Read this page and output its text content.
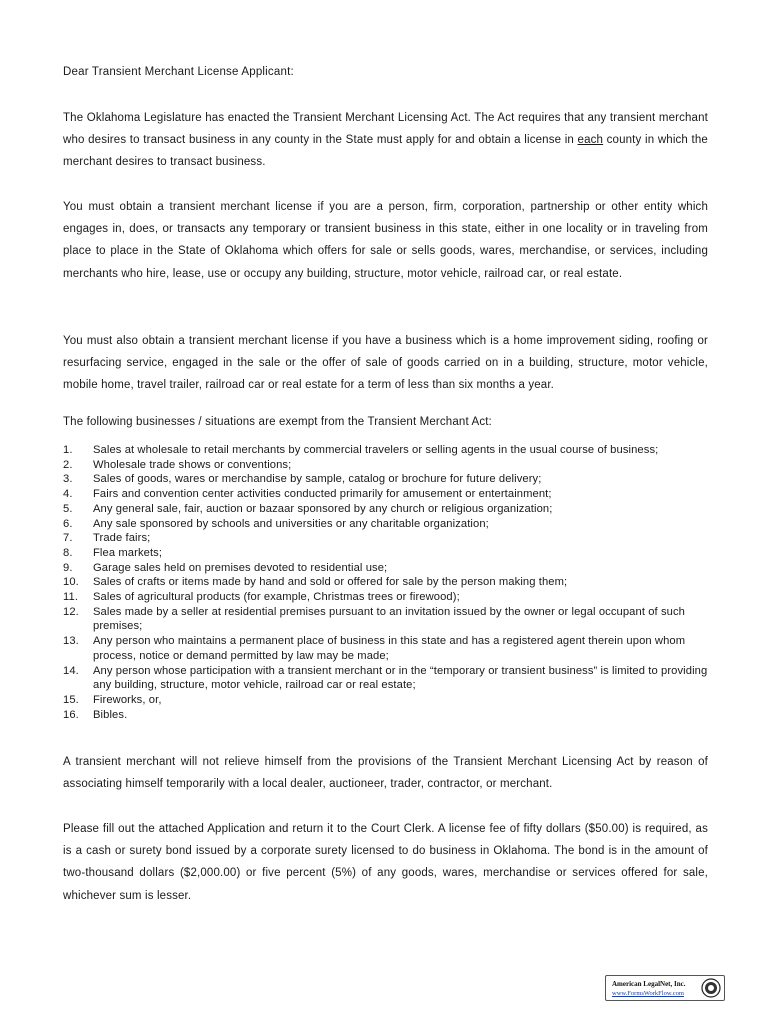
Dear Transient Merchant License Applicant:

The Oklahoma Legislature has enacted the Transient Merchant Licensing Act. The Act requires that any transient merchant who desires to transact business in any county in the State must apply for and obtain a license in each county in which the merchant desires to transact business.

You must obtain a transient merchant license if you are a person, firm, corporation, partnership or other entity which engages in, does, or transacts any temporary or transient business in this state, either in one locality or in traveling from place to place in the State of Oklahoma which offers for sale or sells goods, wares, merchandise, or services, including merchants who hire, lease, use or occupy any building, structure, motor vehicle, railroad car, or real estate.

You must also obtain a transient merchant license if you have a business which is a home improvement siding, roofing or resurfacing service, engaged in the sale or the offer of sale of goods carried on in a building, structure, motor vehicle, mobile home, travel trailer, railroad car or real estate for a term of less than six months a year.

The following businesses / situations are exempt from the Transient Merchant Act:

1.	Sales at wholesale to retail merchants by commercial travelers or selling agents in the usual course of business;
2.	Wholesale trade shows or conventions;
3.	Sales of goods, wares or merchandise by sample, catalog or brochure for future delivery;
4.	Fairs and convention center activities conducted primarily for amusement or entertainment;
5.	Any general sale, fair, auction or bazaar sponsored by any church or religious organization;
6.	Any sale sponsored by schools and universities or any charitable organization;
7.	Trade fairs;
8.	Flea markets;
9.	Garage sales held on premises devoted to residential use;
10.	Sales of crafts or items made by hand and sold or offered for sale by the person making them;
11.	Sales of agricultural products (for example, Christmas trees or firewood);
12.	Sales made by a seller at residential premises pursuant to an invitation issued by the owner or legal occupant of such premises;
13.	Any person who maintains a permanent place of business in this state and has a registered agent therein upon whom process, notice or demand permitted by law may be made;
14.	Any person whose participation with a transient merchant or in the “temporary or transient business” is limited to providing any building, structure, motor vehicle, railroad car or real estate;
15.	Fireworks, or,
16.	Bibles.

A transient merchant will not relieve himself from the provisions of the Transient Merchant Licensing Act by reason of associating himself temporarily with a local dealer, auctioneer, trader, contractor, or merchant.

Please fill out the attached Application and return it to the Court Clerk. A license fee of fifty dollars ($50.00) is required, as is a cash or surety bond issued by a corporate surety licensed to do business in Oklahoma. The bond is in the amount of two-thousand dollars ($2,000.00) or five percent (5%) of any goods, wares, merchandise or services offered for sale, whichever sum is lesser.

American LegalNet, Inc.
www.FormsWorkFlow.com
